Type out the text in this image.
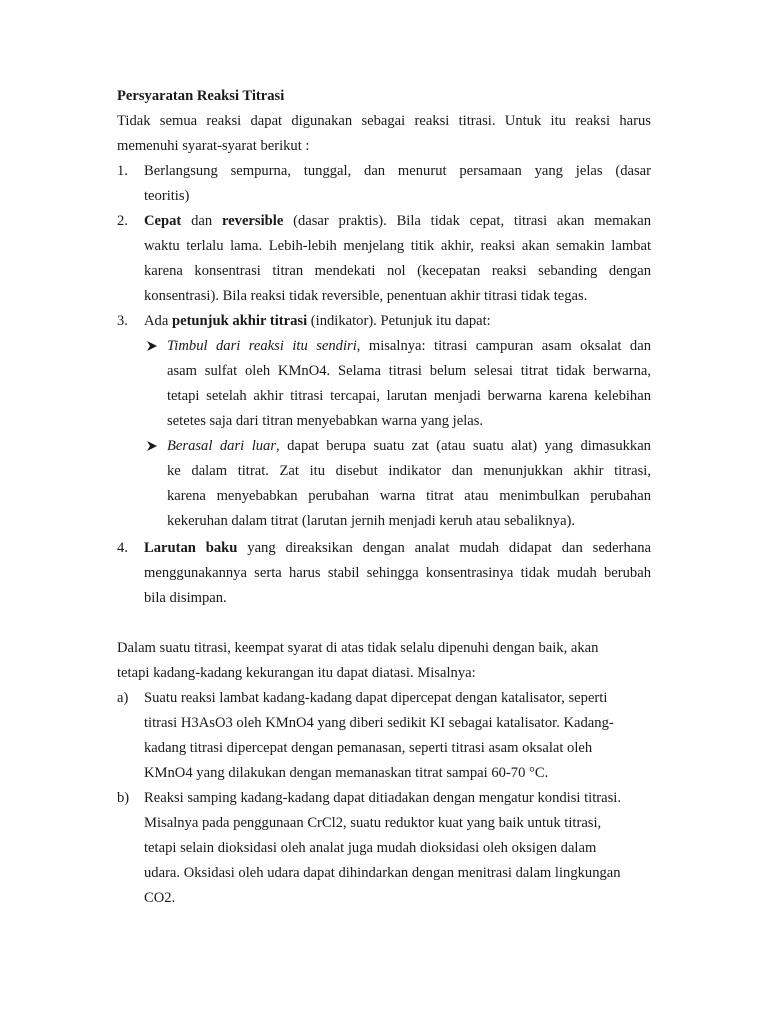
Persyaratan Reaksi Titrasi
Tidak semua reaksi dapat digunakan sebagai reaksi titrasi. Untuk itu reaksi harus
memenuhi syarat-syarat berikut :
1. Berlangsung sempurna, tunggal, dan menurut persamaan yang jelas (dasar
teoritis)
2. Cepat dan reversible (dasar praktis). Bila tidak cepat, titrasi akan memakan
waktu terlalu lama. Lebih-lebih menjelang titik akhir, reaksi akan semakin lambat
karena konsentrasi titran mendekati nol (kecepatan reaksi sebanding dengan
konsentrasi). Bila reaksi tidak reversible, penentuan akhir titrasi tidak tegas.
3. Ada petunjuk akhir titrasi (indikator). Petunjuk itu dapat:
Timbul dari reaksi itu sendiri, misalnya: titrasi campuran asam oksalat dan
asam sulfat oleh KMnO4. Selama titrasi belum selesai titrat tidak berwarna,
tetapi setelah akhir titrasi tercapai, larutan menjadi berwarna karena kelebihan
setetes saja dari titran menyebabkan warna yang jelas.
Berasal dari luar, dapat berupa suatu zat (atau suatu alat) yang dimasukkan
ke dalam titrat. Zat itu disebut indikator dan menunjukkan akhir titrasi,
karena menyebabkan perubahan warna titrat atau menimbulkan perubahan
kekeruhan dalam titrat (larutan jernih menjadi keruh atau sebaliknya).
4. Larutan baku yang direaksikan dengan analat mudah didapat dan sederhana
menggunakannya serta harus stabil sehingga konsentrasinya tidak mudah berubah
bila disimpan.
Dalam suatu titrasi, keempat syarat di atas tidak selalu dipenuhi dengan baik, akan
tetapi kadang-kadang kekurangan itu dapat diatasi. Misalnya:
a) Suatu reaksi lambat kadang-kadang dapat dipercepat dengan katalisator, seperti
titrasi H3AsO3 oleh KMnO4 yang diberi sedikit KI sebagai katalisator. Kadang-
kadang titrasi dipercepat dengan pemanasan, seperti titrasi asam oksalat oleh
KMnO4 yang dilakukan dengan memanaskan titrat sampai 60-70 °C.
b) Reaksi samping kadang-kadang dapat ditiadakan dengan mengatur kondisi titrasi.
Misalnya pada penggunaan CrCl2, suatu reduktor kuat yang baik untuk titrasi,
tetapi selain dioksidasi oleh analat juga mudah dioksidasi oleh oksigen dalam
udara. Oksidasi oleh udara dapat dihindarkan dengan menitrasi dalam lingkungan
CO2.
